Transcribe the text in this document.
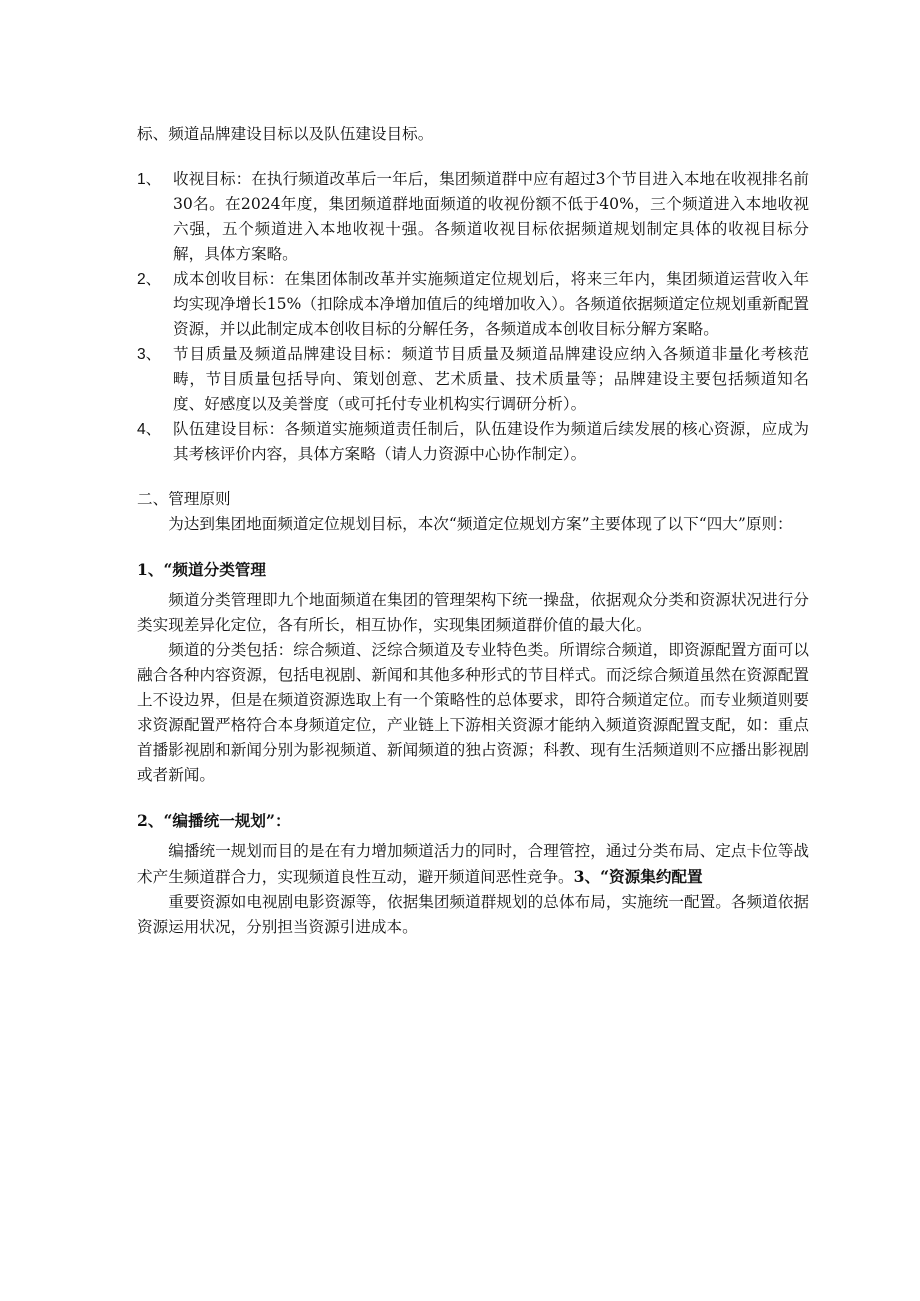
标、频道品牌建设目标以及队伍建设目标。

1、 收视目标：在执行频道改革后一年后，集团频道群中应有超过3个节目进入本地在收视排名前30名。在2024年度，集团频道群地面频道的收视份额不低于40%，三个频道进入本地收视六强，五个频道进入本地收视十强。各频道收视目标依据频道规划制定具体的收视目标分解，具体方案略。
2、 成本创收目标：在集团体制改革并实施频道定位规划后，将来三年内，集团频道运营收入年均实现净增长15%（扣除成本净增加值后的纯增加收入）。各频道依据频道定位规划重新配置资源，并以此制定成本创收目标的分解任务，各频道成本创收目标分解方案略。
3、 节目质量及频道品牌建设目标：频道节目质量及频道品牌建设应纳入各频道非量化考核范畴，节目质量包括导向、策划创意、艺术质量、技术质量等；品牌建设主要包括频道知名度、好感度以及美誉度（或可托付专业机构实行调研分析）。
4、 队伍建设目标：各频道实施频道责任制后，队伍建设作为频道后续发展的核心资源，应成为其考核评价内容，具体方案略（请人力资源中心协作制定）。

二、管理原则

为达到集团地面频道定位规划目标，本次“频道定位规划方案”主要体现了以下“四大”原则：

1、“频道分类管理

频道分类管理即九个地面频道在集团的管理架构下统一操盘，依据观众分类和资源状况进行分类实现差异化定位，各有所长，相互协作，实现集团频道群价值的最大化。

频道的分类包括：综合频道、泛综合频道及专业特色类。所谓综合频道，即资源配置方面可以融合各种内容资源，包括电视剧、新闻和其他多种形式的节目样式。而泛综合频道虽然在资源配置上不设边界，但是在频道资源选取上有一个策略性的总体要求，即符合频道定位。而专业频道则要求资源配置严格符合本身频道定位，产业链上下游相关资源才能纳入频道资源配置支配，如：重点首播影视剧和新闻分别为影视频道、新闻频道的独占资源；科教、现有生活频道则不应播出影视剧或者新闻。

2、“编播统一规划”：

编播统一规划而目的是在有力增加频道活力的同时，合理管控，通过分类布局、定点卡位等战术产生频道群合力，实现频道良性互动，避开频道间恶性竞争。3、“资源集约配置

重要资源如电视剧电影资源等，依据集团频道群规划的总体布局，实施统一配置。各频道依据资源运用状况，分别担当资源引进成本。
